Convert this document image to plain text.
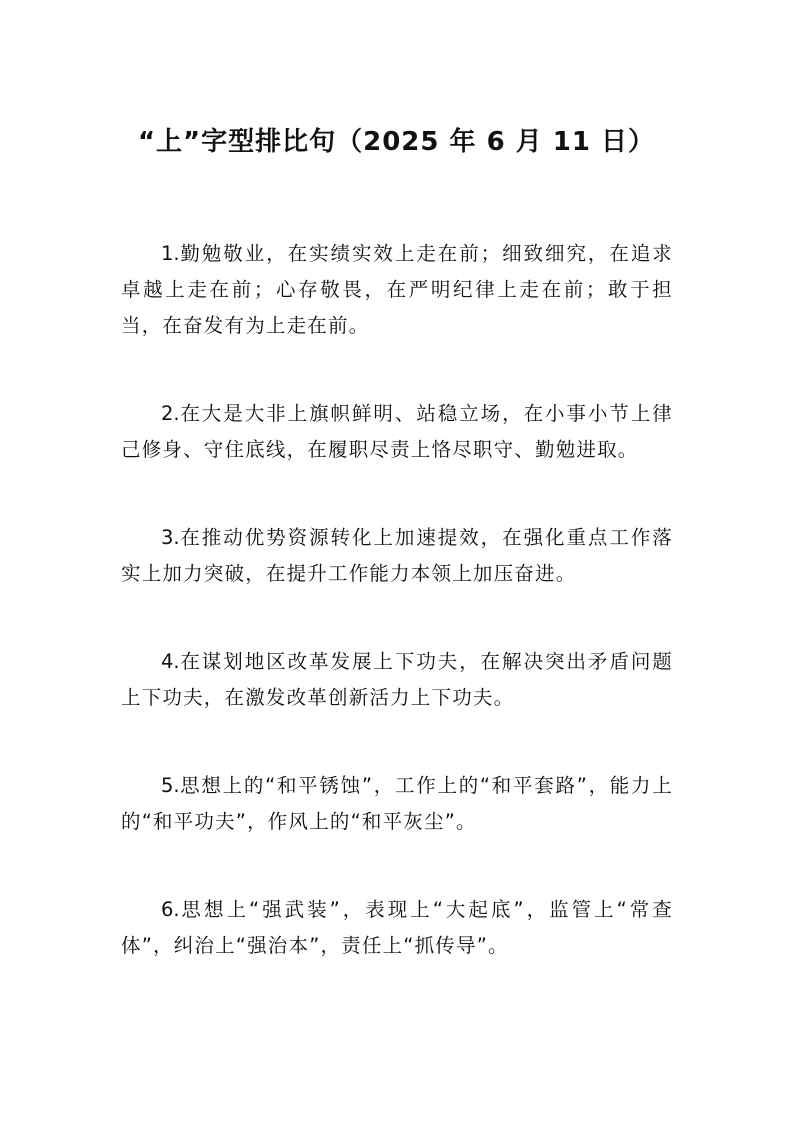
“上”字型排比句（2025 年 6 月 11 日）

1.勤勉敬业，在实绩实效上走在前；细致细究，在追求卓越上走在前；心存敬畏，在严明纪律上走在前；敢于担当，在奋发有为上走在前。

2.在大是大非上旗帜鲜明、站稳立场，在小事小节上律己修身、守住底线，在履职尽责上恪尽职守、勤勉进取。

3.在推动优势资源转化上加速提效，在强化重点工作落实上加力突破，在提升工作能力本领上加压奋进。

4.在谋划地区改革发展上下功夫，在解决突出矛盾问题上下功夫，在激发改革创新活力上下功夫。

5.思想上的“和平锈蚀”，工作上的“和平套路”，能力上的“和平功夫”，作风上的“和平灰尘”。

6.思想上“强武装”，表现上“大起底”，监管上“常查体”，纠治上“强治本”，责任上“抓传导”。
